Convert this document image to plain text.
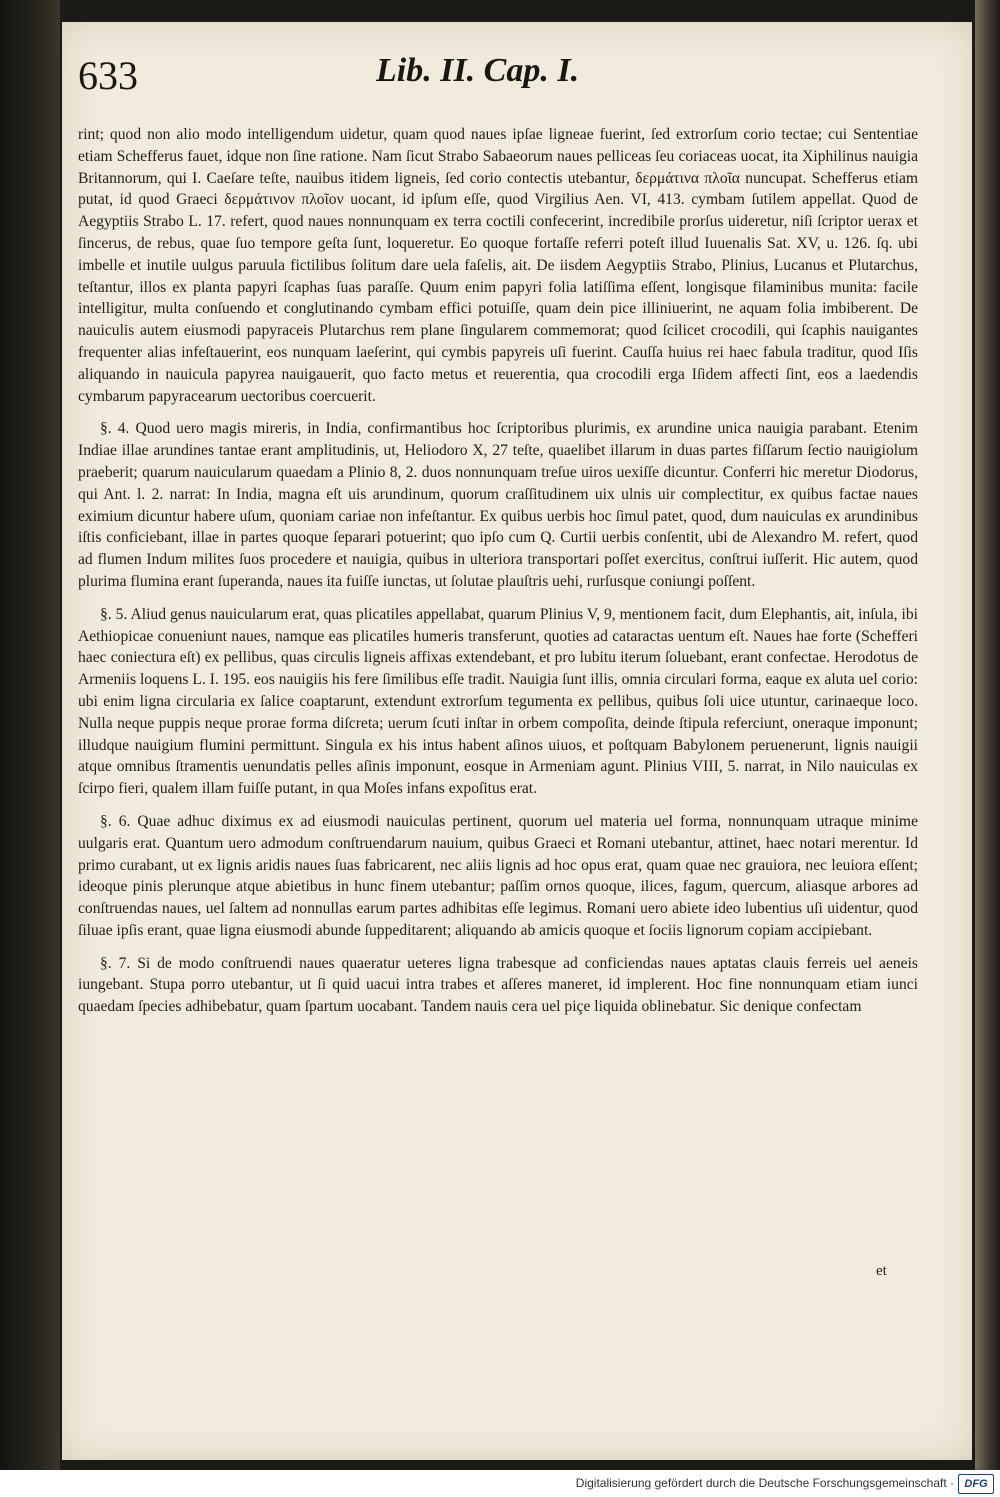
633	Lib. II. Cap. I.

rint; quod non alio modo intelligendum uidetur, quam quod naues ipſae ligneae fuerint, ſed extrorſum corio tectae; cui Sententiae etiam Schefferus fauet, idque non ſine ratione. Nam ſicut Strabo Sabaeorum naues pelliceas ſeu coriaceas uocat, ita Xiphilinus nauigia Britannorum, qui I. Caeſare teſte, nauibus itidem ligneis, ſed corio contectis utebantur, δερμάτινα πλοῖα nuncupat. Schefferus etiam putat, id quod Graeci δερμάτινον πλοῖον uocant, id ipſum eſſe, quod Virgilius Aen. VI, 413. cymbam ſutilem appellat. Quod de Aegyptiis Strabo L. 17. refert, quod naues nonnunquam ex terra coctili confecerint, incredibile prorſus uideretur, niſi ſcriptor uerax et ſincerus, de rebus, quae ſuo tempore geſta ſunt, loqueretur. Eo quoque fortaſſe referri poteſt illud Iuuenalis Sat. XV, u. 126. ſq. ubi imbelle et inutile uulgus paruula fictilibus ſolitum dare uela faſelis, ait. De iisdem Aegyptiis Strabo, Plinius, Lucanus et Plutarchus, teſtantur, illos ex planta papyri ſcaphas ſuas paraſſe. Quum enim papyri folia latiſſima eſſent, longisque filaminibus munita: facile intelligitur, multa conſuendo et conglutinando cymbam effici potuiſſe, quam dein pice illiniuerint, ne aquam folia imbiberent. De nauiculis autem eiusmodi papyraceis Plutarchus rem plane ſingularem commemorat; quod ſcilicet crocodili, qui ſcaphis nauigantes frequenter alias infeſtauerint, eos nunquam laeſerint, qui cymbis papyreis uſi fuerint. Cauſſa huius rei haec fabula traditur, quod Iſis aliquando in nauicula papyrea nauigauerit, quo facto metus et reuerentia, qua crocodili erga Iſidem affecti ſint, eos a laedendis cymbarum papyracearum uectoribus coercuerit.

§. 4. Quod uero magis mireris, in India, confirmantibus hoc ſcriptoribus plurimis, ex arundine unica nauigia parabant. Etenim Indiae illae arundines tantae erant amplitudinis, ut, Heliodoro X, 27 teſte, quaelibet illarum in duas partes fiſſarum ſectio nauigiolum praeberit; quarum nauicularum quaedam a Plinio 8, 2. duos nonnunquam treſue uiros uexiſſe dicuntur. Conferri hic meretur Diodorus, qui Ant. l. 2. narrat: In India, magna eſt uis arundinum, quorum craſſitudinem uix ulnis uir complectitur, ex quibus factae naues eximium dicuntur habere uſum, quoniam cariae non infeſtantur. Ex quibus uerbis hoc ſimul patet, quod, dum nauiculas ex arundinibus iſtis conficiebant, illae in partes quoque ſeparari potuerint; quo ipſo cum Q. Curtii uerbis conſentit, ubi de Alexandro M. refert, quod ad flumen Indum milites ſuos procedere et nauigia, quibus in ulteriora transportari poſſet exercitus, conſtrui iuſſerit. Hic autem, quod plurima flumina erant ſuperanda, naues ita fuiſſe iunctas, ut ſolutae plauſtris uehi, rurſusque coniungi poſſent.

§. 5. Aliud genus nauicularum erat, quas plicatiles appellabat, quarum Plinius V, 9, mentionem facit, dum Elephantis, ait, inſula, ibi Aethiopicae conueniunt naues, namque eas plicatiles humeris transferunt, quoties ad cataractas uentum eſt. Naues hae forte (Schefferi haec coniectura eſt) ex pellibus, quas circulis ligneis affixas extendebant, et pro lubitu iterum ſoluebant, erant confectae. Herodotus de Armeniis loquens L. I. 195. eos nauigiis his fere ſimilibus eſſe tradit. Nauigia ſunt illis, omnia circulari forma, eaque ex aluta uel corio: ubi enim ligna circularia ex ſalice coaptarunt, extendunt extrorſum tegumenta ex pellibus, quibus ſoli uice utuntur, carinaeque loco. Nulla neque puppis neque prorae forma diſcreta; uerum ſcuti inſtar in orbem compoſita, deinde ſtipula referciunt, oneraque imponunt; illudque nauigium flumini permittunt. Singula ex his intus habent aſinos uiuos, et poſtquam Babylonem peruenerunt, lignis nauigii atque omnibus ſtramentis uenundatis pelles aſinis imponunt, eosque in Armeniam agunt. Plinius VIII, 5. narrat, in Nilo nauiculas ex ſcirpo fieri, qualem illam fuiſſe putant, in qua Moſes infans expoſitus erat.

§. 6. Quae adhuc diximus ex ad eiusmodi nauiculas pertinent, quorum uel materia uel forma, nonnunquam utraque minime uulgaris erat. Quantum uero admodum conſtruendarum nauium, quibus Graeci et Romani utebantur, attinet, haec notari merentur. Id primo curabant, ut ex lignis aridis naues ſuas fabricarent, nec aliis lignis ad hoc opus erat, quam quae nec grauiora, nec leuiora eſſent; ideoque pinis plerunque atque abietibus in hunc finem utebantur; paſſim ornos quoque, ilices, fagum, quercum, aliasque arbores ad conſtruendas naues, uel ſaltem ad nonnullas earum partes adhibitas eſſe legimus. Romani uero abiete ideo lubentius uſi uidentur, quod ſiluae ipſis erant, quae ligna eiusmodi abunde ſuppeditarent; aliquando ab amicis quoque et ſociis lignorum copiam accipiebant.

§. 7. Si de modo conſtruendi naues quaeratur ueteres ligna trabesque ad conficiendas naues aptatas clauis ferreis uel aeneis iungebant. Stupa porro utebantur, ut ſi quid uacui intra trabes et aſſeres maneret, id implerent. Hoc fine nonnunquam etiam iunci quaedam ſpecies adhibebatur, quam ſpartum uocabant. Tandem nauis cera uel piçe liquida oblinebatur. Sic denique confectam

et
Digitalisierung gefördert durch die Deutsche Forschungsgemeinschaft · DFG
